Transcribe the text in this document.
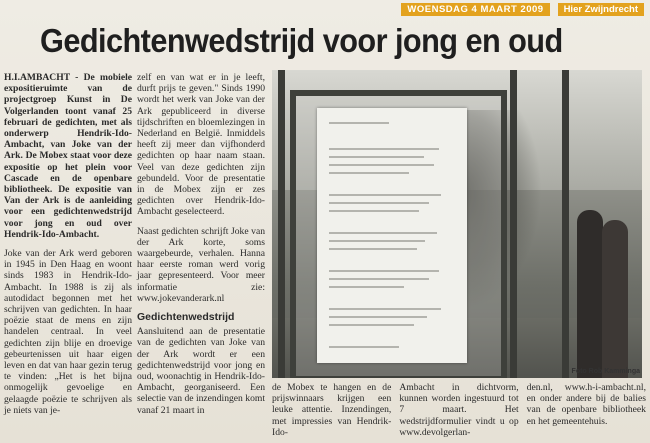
WOENSDAG 4 MAART 2009	Hier Zwijndrecht
Gedichtenwedstrijd voor jong en oud

H.I.AMBACHT - De mobiele expositieruimte van de projectgroep Kunst in De Volgerlanden toont vanaf 25 februari de gedichten, met als onderwerp Hendrik-Ido-Ambacht, van Joke van der Ark. De Mobex staat voor deze expositie op het plein voor Cascade en de openbare bibliotheek. De expositie van Van der Ark is de aanleiding voor een gedichtenwedstrijd voor jong en oud over Hendrik-Ido-Ambacht.

Joke van der Ark werd geboren in 1945 in Den Haag en woont sinds 1983 in Hendrik-Ido-Ambacht. In 1988 is zij als autodidact begonnen met het schrijven van gedichten. In haar poëzie staat de mens en zijn handelen centraal. In veel gedichten zijn blije en droevige gebeurtenissen uit haar eigen leven en dat van haar gezin terug te vinden: „Het is het bijna onmogelijk gevoelige en gelaagde poëzie te schrijven als je niets van je-

zelf en van wat er in je leeft, durft prijs te geven." Sinds 1990 wordt het werk van Joke van der Ark gepubliceerd in diverse tijdschriften en bloemlezingen in Nederland en België. Inmiddels heeft zij meer dan vijfhonderd gedichten op haar naam staan. Veel van deze gedichten zijn gebundeld. Voor de presentatie in de Mobex zijn er zes gedichten over Hendrik-Ido-Ambacht geselecteerd.

Naast gedichten schrijft Joke van der Ark korte, soms waargebeurde, verhalen. Hanna haar eerste roman werd vorig jaar gepresenteerd. Voor meer informatie zie: www.jokevanderark.nl

Gedichtenwedstrijd

Aansluitend aan de presentatie van de gedichten van Joke van der Ark wordt er een gedichtenwedstrijd voor jong en oud, woonachtig in Hendrik-Ido-Ambacht, georganiseerd. Een selectie van de inzendingen komt vanaf 21 maart in

Foto Rob Kamminga
de Mobex te hangen en de prijswinnaars krijgen een leuke attentie. Inzendingen, met impressies van Hendrik-Ido-
Ambacht in dichtvorm, kunnen worden ingestuurd tot 7 maart. Het wedstrijdformulier vindt u op www.devolgerlan-
den.nl, www.h-i-ambacht.nl, en onder andere bij de balies van de openbare bibliotheek en het gemeentehuis.
